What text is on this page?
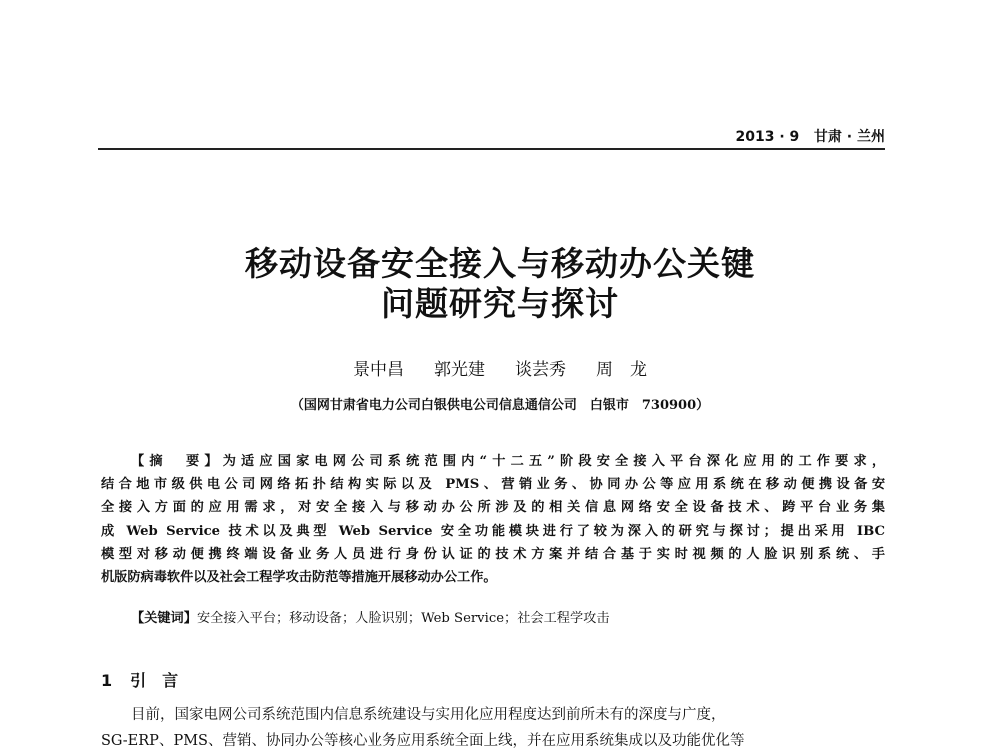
2013 · 9 甘肃 · 兰州
移动设备安全接入与移动办公关键
问题研究与探讨
景中昌 郭光建 谈芸秀 周　龙
（国网甘肃省电力公司白银供电公司信息通信公司　白银市　730900）
【摘　要】为适应国家电网公司系统范围内“十二五”阶段安全接入平台深化应用的工作要求，
结合地市级供电公司网络拓扑结构实际以及 PMS、营销业务、协同办公等应用系统在移动便携设备安
全接入方面的应用需求，对安全接入与移动办公所涉及的相关信息网络安全设备技术、跨平台业务集
成 Web Service 技术以及典型 Web Service 安全功能模块进行了较为深入的研究与探讨；提出采用 IBC
模型对移动便携终端设备业务人员进行身份认证的技术方案并结合基于实时视频的人脸识别系统、手
机版防病毒软件以及社会工程学攻击防范等措施开展移动办公工作。
【关键词】安全接入平台；移动设备；人脸识别；Web Service；社会工程学攻击
1 引　言
目前，国家电网公司系统范围内信息系统建设与实用化应用程度达到前所未有的深度与广度，
SG-ERP、PMS、营销、协同办公等核心业务应用系统全面上线，并在应用系统集成以及功能优化等
